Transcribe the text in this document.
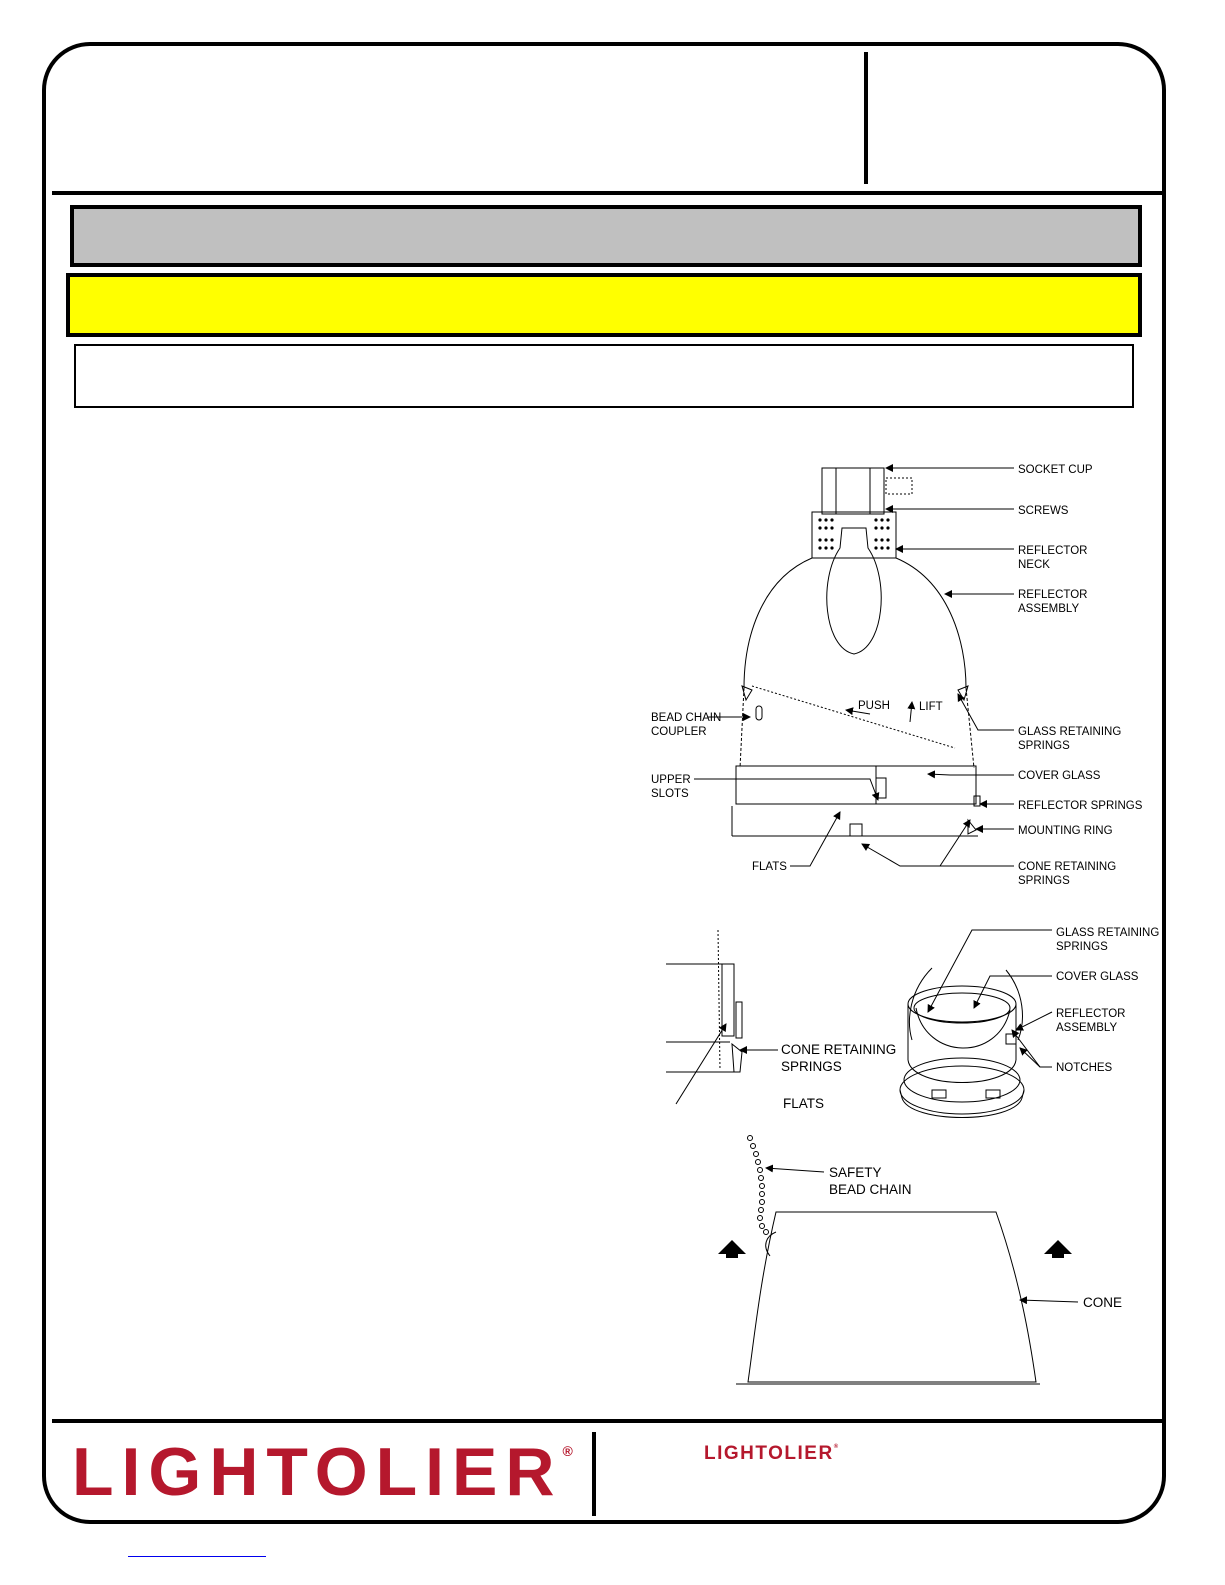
SOCKET CUP
SCREWS
REFLECTOR
NECK
REFLECTOR
ASSEMBLY
BEAD CHAIN
COUPLER
PUSH	LIFT
GLASS RETAINING
SPRINGS
COVER GLASS
UPPER
SLOTS
REFLECTOR SPRINGS
MOUNTING RING
FLATS	CONE RETAINING
SPRINGS
CONE RETAINING
SPRINGS
FLATS
GLASS RETAINING
SPRINGS
COVER GLASS
REFLECTOR
ASSEMBLY
NOTCHES
SAFETY
BEAD CHAIN
CONE
LIGHTOLIER®	LIGHTOLIER®
